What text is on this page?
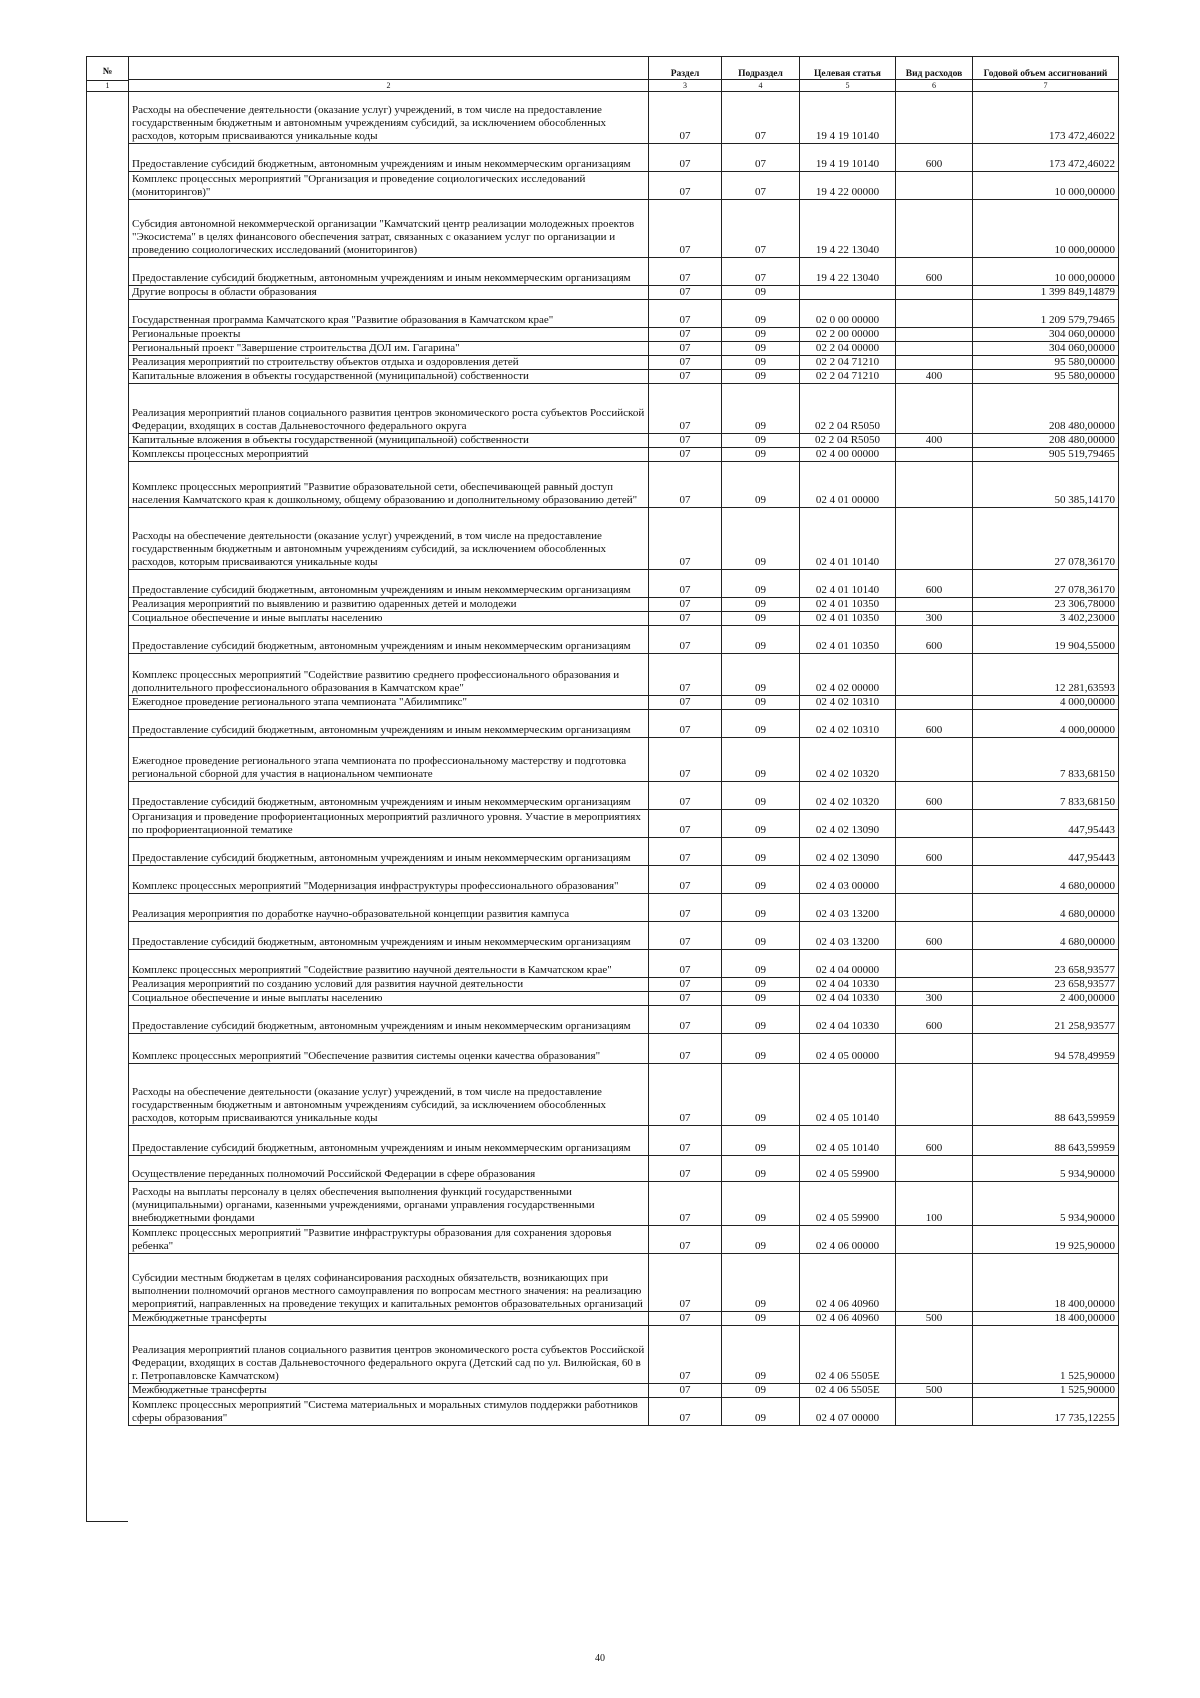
	Раздел	Подраздел	Целевая статья	Вид расходов	Годовой объем ассигнований
2	3	4	5	6	7
Расходы на обеспечение деятельности (оказание услуг) учреждений, в том числе на предоставление государственным бюджетным и автономным учреждениям субсидий, за исключением обособленных расходов, которым присваиваются уникальные коды	07	07	19 4 19 10140		173 472,46022
Предоставление субсидий бюджетным, автономным учреждениям и иным некоммерческим организациям	07	07	19 4 19 10140	600	173 472,46022
Комплекс процессных мероприятий "Организация и проведение социологических исследований (мониторингов)"	07	07	19 4 22 00000		10 000,00000
Субсидия автономной некоммерческой организации "Камчатский центр реализации молодежных проектов "Экосистема" в целях финансового обеспечения затрат, связанных с оказанием услуг по организации и проведению социологических исследований (мониторингов)	07	07	19 4 22 13040		10 000,00000
Предоставление субсидий бюджетным, автономным учреждениям и иным некоммерческим организациям	07	07	19 4 22 13040	600	10 000,00000
Другие вопросы в области образования	07	09			1 399 849,14879
Государственная программа Камчатского края "Развитие образования в Камчатском крае"	07	09	02 0 00 00000		1 209 579,79465
Региональные проекты	07	09	02 2 00 00000		304 060,00000
Региональный проект "Завершение строительства ДОЛ им. Гагарина"	07	09	02 2 04 00000		304 060,00000
Реализация мероприятий по строительству объектов отдыха и оздоровления детей	07	09	02 2 04 71210		95 580,00000
Капитальные вложения в объекты государственной (муниципальной) собственности	07	09	02 2 04 71210	400	95 580,00000
Реализация мероприятий планов социального развития центров экономического роста субъектов Российской Федерации, входящих в состав Дальневосточного федерального округа	07	09	02 2 04 R5050		208 480,00000
Капитальные вложения в объекты государственной (муниципальной) собственности	07	09	02 2 04 R5050	400	208 480,00000
Комплексы процессных мероприятий	07	09	02 4 00 00000		905 519,79465
Комплекс процессных мероприятий "Развитие образовательной сети, обеспечивающей равный доступ населения Камчатского края к дошкольному, общему образованию и дополнительному образованию детей"	07	09	02 4 01 00000		50 385,14170
Расходы на обеспечение деятельности (оказание услуг) учреждений, в том числе на предоставление государственным бюджетным и автономным учреждениям субсидий, за исключением обособленных расходов, которым присваиваются уникальные коды	07	09	02 4 01 10140		27 078,36170
Предоставление субсидий бюджетным, автономным учреждениям и иным некоммерческим организациям	07	09	02 4 01 10140	600	27 078,36170
Реализация мероприятий по выявлению и развитию одаренных детей и молодежи	07	09	02 4 01 10350		23 306,78000
Социальное обеспечение и иные выплаты населению	07	09	02 4 01 10350	300	3 402,23000
Предоставление субсидий бюджетным, автономным учреждениям и иным некоммерческим организациям	07	09	02 4 01 10350	600	19 904,55000
Комплекс процессных мероприятий "Содействие развитию среднего профессионального образования и дополнительного профессионального образования в Камчатском крае"	07	09	02 4 02 00000		12 281,63593
Ежегодное проведение регионального этапа чемпионата "Абилимпикс"	07	09	02 4 02 10310		4 000,00000
Предоставление субсидий бюджетным, автономным учреждениям и иным некоммерческим организациям	07	09	02 4 02 10310	600	4 000,00000
Ежегодное проведение регионального этапа чемпионата по профессиональному мастерству и подготовка региональной сборной для участия в национальном чемпионате	07	09	02 4 02 10320		7 833,68150
Предоставление субсидий бюджетным, автономным учреждениям и иным некоммерческим организациям	07	09	02 4 02 10320	600	7 833,68150
Организация и проведение профориентационных мероприятий различного уровня. Участие в мероприятиях по профориентационной тематике	07	09	02 4 02 13090		447,95443
Предоставление субсидий бюджетным, автономным учреждениям и иным некоммерческим организациям	07	09	02 4 02 13090	600	447,95443
Комплекс процессных мероприятий "Модернизация инфраструктуры профессионального образования"	07	09	02 4 03 00000		4 680,00000
Реализация мероприятия по доработке научно-образовательной концепции развития кампуса	07	09	02 4 03 13200		4 680,00000
Предоставление субсидий бюджетным, автономным учреждениям и иным некоммерческим организациям	07	09	02 4 03 13200	600	4 680,00000
Комплекс процессных мероприятий "Содействие развитию научной деятельности в Камчатском крае"	07	09	02 4 04 00000		23 658,93577
Реализация мероприятий по созданию условий для развития научной деятельности	07	09	02 4 04 10330		23 658,93577
Социальное обеспечение и иные выплаты населению	07	09	02 4 04 10330	300	2 400,00000
Предоставление субсидий бюджетным, автономным учреждениям и иным некоммерческим организациям	07	09	02 4 04 10330	600	21 258,93577
Комплекс процессных мероприятий "Обеспечение развития системы оценки качества образования"	07	09	02 4 05 00000		94 578,49959
Расходы на обеспечение деятельности (оказание услуг) учреждений, в том числе на предоставление государственным бюджетным и автономным учреждениям субсидий, за исключением обособленных расходов, которым присваиваются уникальные коды	07	09	02 4 05 10140		88 643,59959
Предоставление субсидий бюджетным, автономным учреждениям и иным некоммерческим организациям	07	09	02 4 05 10140	600	88 643,59959
Осуществление переданных полномочий Российской Федерации в сфере образования	07	09	02 4 05 59900		5 934,90000
Расходы на выплаты персоналу в целях обеспечения выполнения функций государственными (муниципальными) органами, казенными учреждениями, органами управления государственными внебюджетными фондами	07	09	02 4 05 59900	100	5 934,90000
Комплекс процессных мероприятий "Развитие инфраструктуры образования для сохранения здоровья ребенка"	07	09	02 4 06 00000		19 925,90000
Субсидии местным бюджетам в целях софинансирования расходных обязательств, возникающих при выполнении полномочий органов местного самоуправления по вопросам местного значения: на реализацию мероприятий, направленных на проведение текущих и капитальных ремонтов образовательных организаций	07	09	02 4 06 40960		18 400,00000
Межбюджетные трансферты	07	09	02 4 06 40960	500	18 400,00000
Реализация мероприятий планов социального развития центров экономического роста субъектов Российской Федерации, входящих в состав Дальневосточного федерального округа (Детский сад по ул. Вилюйская, 60 в г. Петропавловске Камчатском)	07	09	02 4 06 5505E		1 525,90000
Межбюджетные трансферты	07	09	02 4 06 5505E	500	1 525,90000
Комплекс процессных мероприятий "Система материальных и моральных стимулов поддержки работников сферы образования"	07	09	02 4 07 00000		17 735,12255
№
1
40
